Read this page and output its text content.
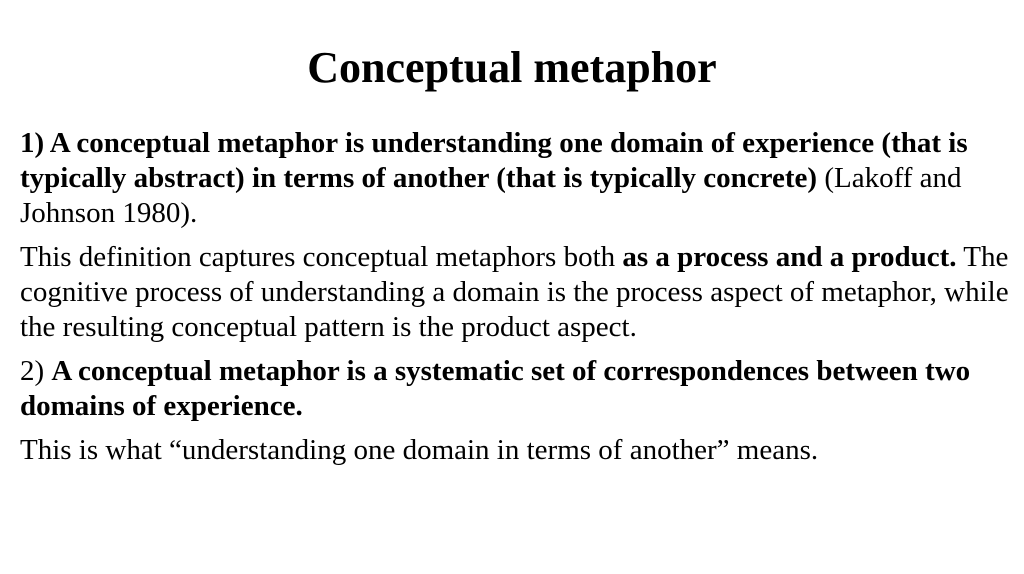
Conceptual metaphor

1) A conceptual metaphor is understanding one domain of experience (that is typically abstract) in terms of another (that is typically concrete) (Lakoff and Johnson 1980).

This definition captures conceptual metaphors both as a process and a product. The cognitive process of understanding a domain is the process aspect of metaphor, while the resulting conceptual pattern is the product aspect.

2) A conceptual metaphor is a systematic set of correspondences between two domains of experience.

This is what “understanding one domain in terms of another” means.
